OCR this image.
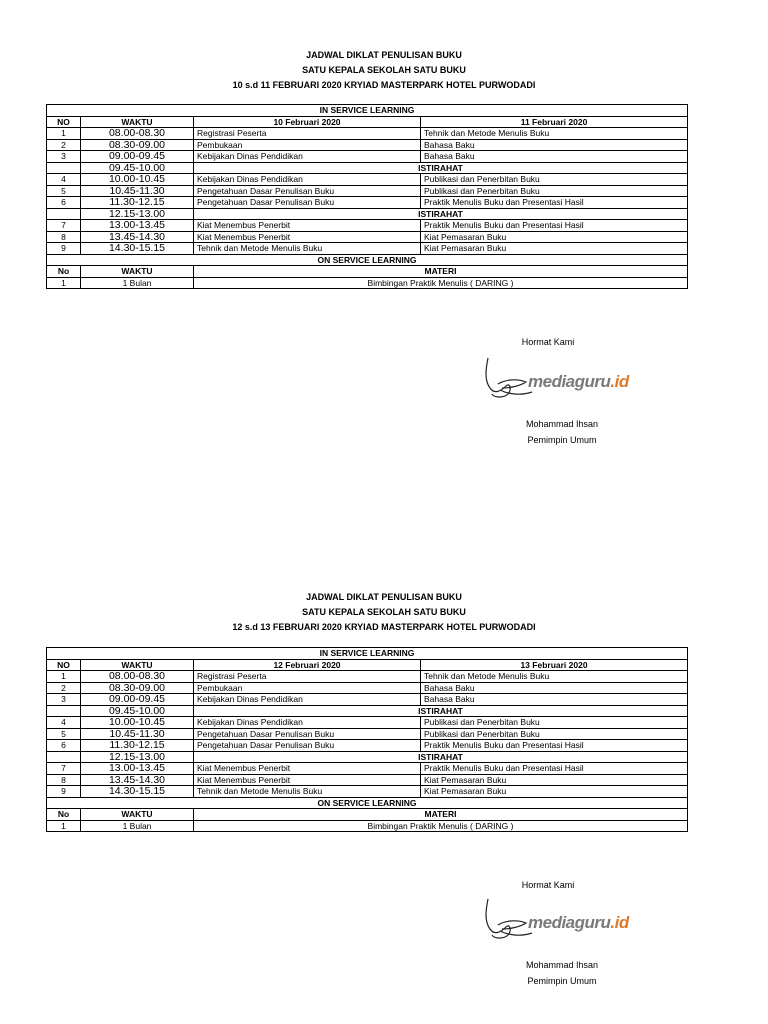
JADWAL DIKLAT PENULISAN BUKU
SATU KEPALA SEKOLAH SATU BUKU
10 s.d 11 FEBRUARI 2020 KRYIAD MASTERPARK HOTEL PURWODADI
IN SERVICE LEARNING			
NO	WAKTU	10 Februari 2020	11 Februari 2020
1	08.00-08.30	Registrasi Peserta	Tehnik dan Metode Menulis Buku
2	08.30-09.00	Pembukaan	Bahasa Baku
3	09.00-09.45	Kebijakan Dinas Pendidikan	Bahasa Baku
	09.45-10.00	ISTIRAHAT	
4	10.00-10.45	Kebijakan Dinas Pendidikan	Publikasi dan Penerbitan Buku
5	10.45-11.30	Pengetahuan Dasar Penulisan Buku	Publikasi dan Penerbitan Buku
6	11.30-12.15	Pengetahuan Dasar Penulisan Buku	Praktik Menulis Buku dan Presentasi Hasil
	12.15-13.00	ISTIRAHAT	
7	13.00-13.45	Kiat Menembus Penerbit	Praktik Menulis Buku dan Presentasi Hasil
8	13.45-14.30	Kiat Menembus Penerbit	Kiat Pemasaran Buku
9	14.30-15.15	Tehnik dan Metode Menulis Buku	Kiat Pemasaran Buku
ON SERVICE LEARNING			
No	WAKTU	MATERI	
1	1 Bulan	Bimbingan Praktik Menulis ( DARING )	
Hormat Kami
mediaguru.id
Mohammad Ihsan
Pemimpin Umum
JADWAL DIKLAT PENULISAN BUKU
SATU KEPALA SEKOLAH SATU BUKU
12 s.d 13 FEBRUARI 2020 KRYIAD MASTERPARK HOTEL PURWODADI
IN SERVICE LEARNING			
NO	WAKTU	12 Februari 2020	13 Februari 2020
1	08.00-08.30	Registrasi Peserta	Tehnik dan Metode Menulis Buku
2	08.30-09.00	Pembukaan	Bahasa Baku
3	09.00-09.45	Kebijakan Dinas Pendidikan	Bahasa Baku
	09.45-10.00	ISTIRAHAT	
4	10.00-10.45	Kebijakan Dinas Pendidikan	Publikasi dan Penerbitan Buku
5	10.45-11.30	Pengetahuan Dasar Penulisan Buku	Publikasi dan Penerbitan Buku
6	11.30-12.15	Pengetahuan Dasar Penulisan Buku	Praktik Menulis Buku dan Presentasi Hasil
	12.15-13.00	ISTIRAHAT	
7	13.00-13.45	Kiat Menembus Penerbit	Praktik Menulis Buku dan Presentasi Hasil
8	13.45-14.30	Kiat Menembus Penerbit	Kiat Pemasaran Buku
9	14.30-15.15	Tehnik dan Metode Menulis Buku	Kiat Pemasaran Buku
ON SERVICE LEARNING			
No	WAKTU	MATERI	
1	1 Bulan	Bimbingan Praktik Menulis ( DARING )	
Hormat Kami
mediaguru.id
Mohammad Ihsan
Pemimpin Umum
